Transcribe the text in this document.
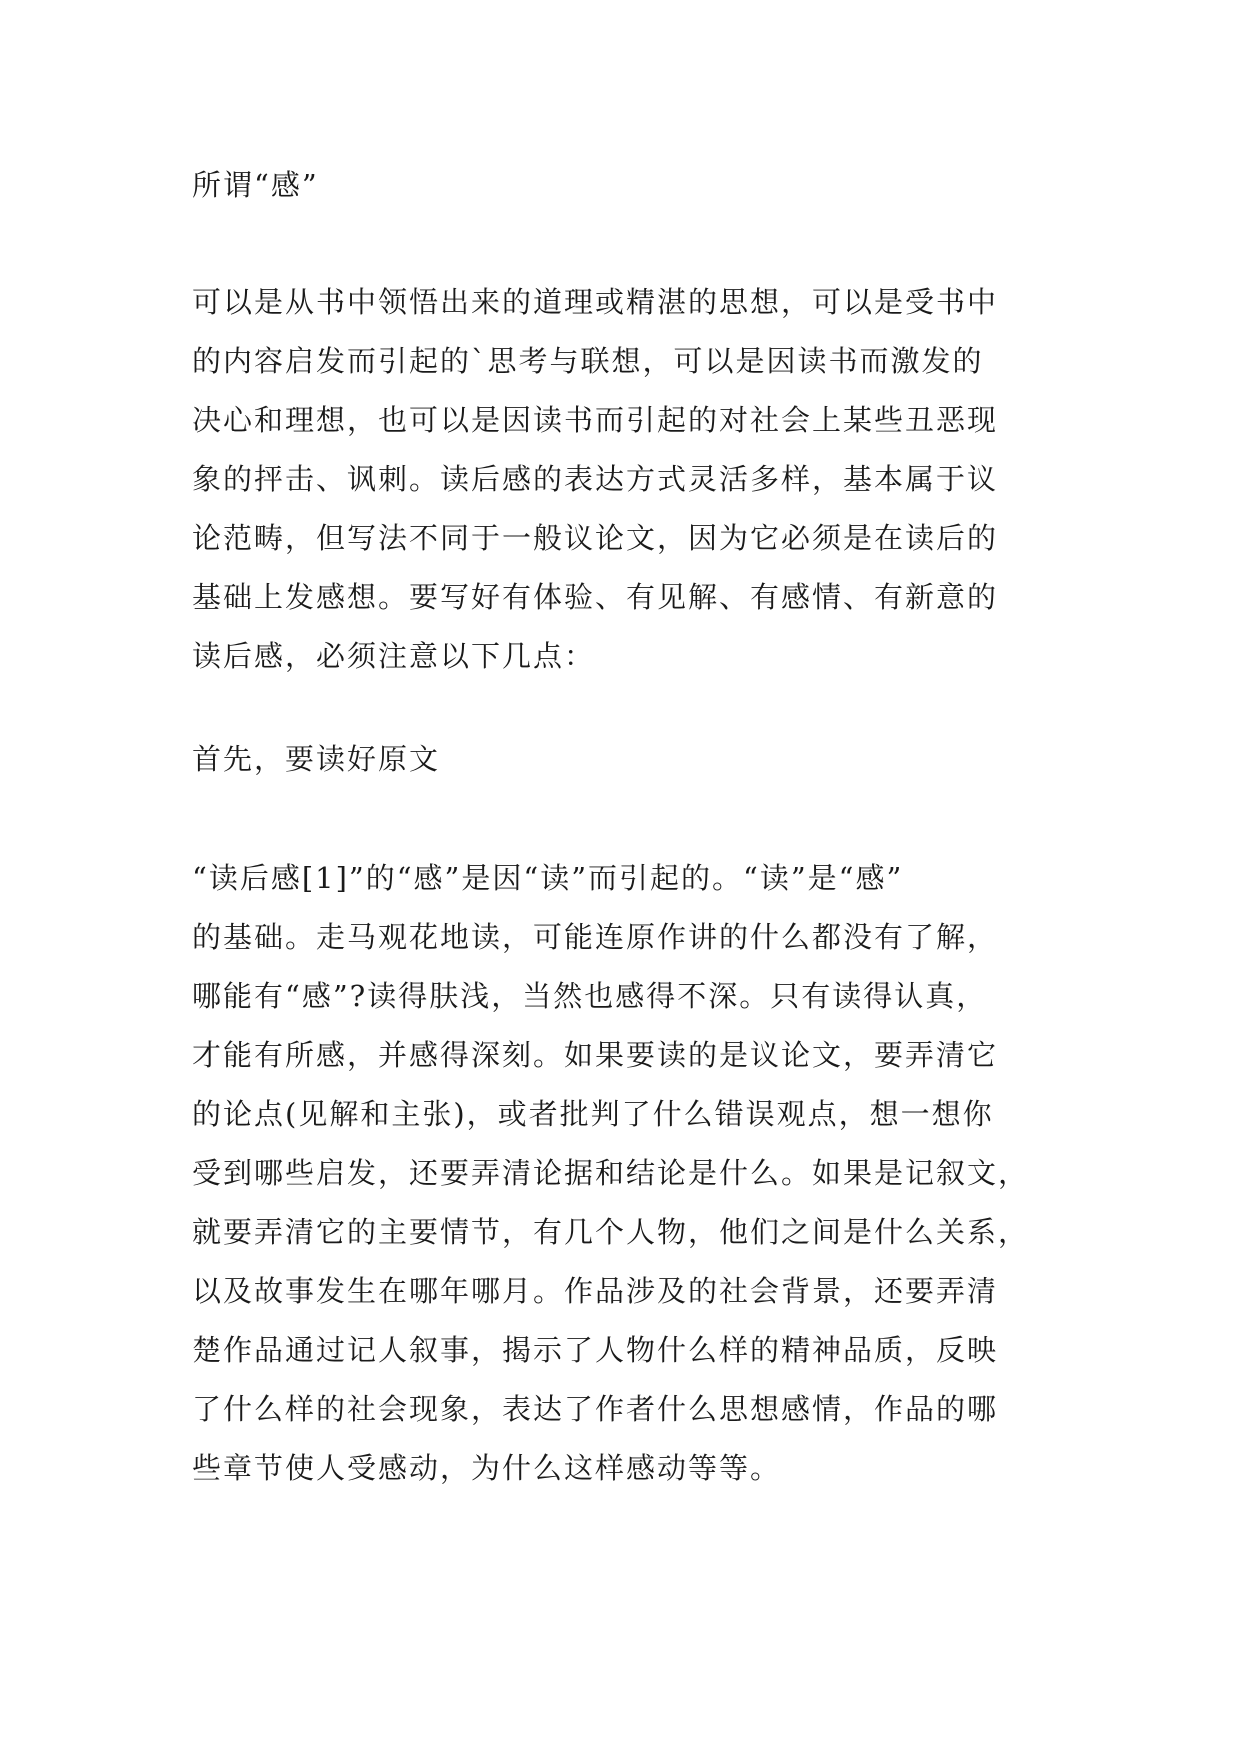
所谓“感”

可以是从书中领悟出来的道理或精湛的思想，可以是受书中
的内容启发而引起的`思考与联想，可以是因读书而激发的
决心和理想，也可以是因读书而引起的对社会上某些丑恶现
象的抨击、讽刺。读后感的表达方式灵活多样，基本属于议
论范畴，但写法不同于一般议论文，因为它必须是在读后的
基础上发感想。要写好有体验、有见解、有感情、有新意的
读后感，必须注意以下几点：

首先，要读好原文

“读后感[1]”的“感”是因“读”而引起的。“读”是“感”
的基础。走马观花地读，可能连原作讲的什么都没有了解，
哪能有“感”?读得肤浅，当然也感得不深。只有读得认真，
才能有所感，并感得深刻。如果要读的是议论文，要弄清它
的论点(见解和主张)，或者批判了什么错误观点，想一想你
受到哪些启发，还要弄清论据和结论是什么。如果是记叙文，
就要弄清它的主要情节，有几个人物，他们之间是什么关系，
以及故事发生在哪年哪月。作品涉及的社会背景，还要弄清
楚作品通过记人叙事，揭示了人物什么样的精神品质，反映
了什么样的社会现象，表达了作者什么思想感情，作品的哪
些章节使人受感动，为什么这样感动等等。
